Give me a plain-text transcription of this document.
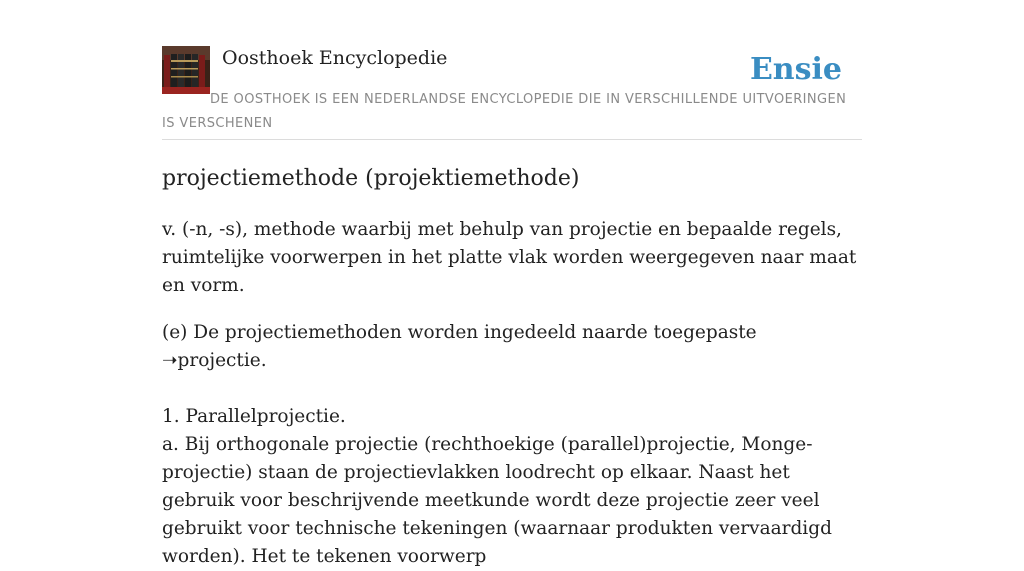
Oosthoek Encyclopedie	Ensie
DE OOSTHOEK IS EEN NEDERLANDSE ENCYCLOPEDIE DIE IN VERSCHILLENDE UITVOERINGEN IS VERSCHENEN
projectiemethode (projektiemethode)

v. (-n, -s), methode waarbij met behulp van projectie en bepaalde regels, ruimtelijke voorwerpen in het platte vlak worden weergegeven naar maat en vorm.

(e) De projectiemethoden worden ingedeeld naarde toegepaste ➝projectie.
1. Parallelprojectie.
a. Bij orthogonale projectie (rechthoekige (parallel)projectie, Monge-projectie) staan de projectievlakken loodrecht op elkaar. Naast het gebruik voor beschrijvende meetkunde wordt deze projectie zeer veel gebruikt voor technische tekeningen (waarnaar produkten vervaardigd worden). Het te tekenen voorwerp
